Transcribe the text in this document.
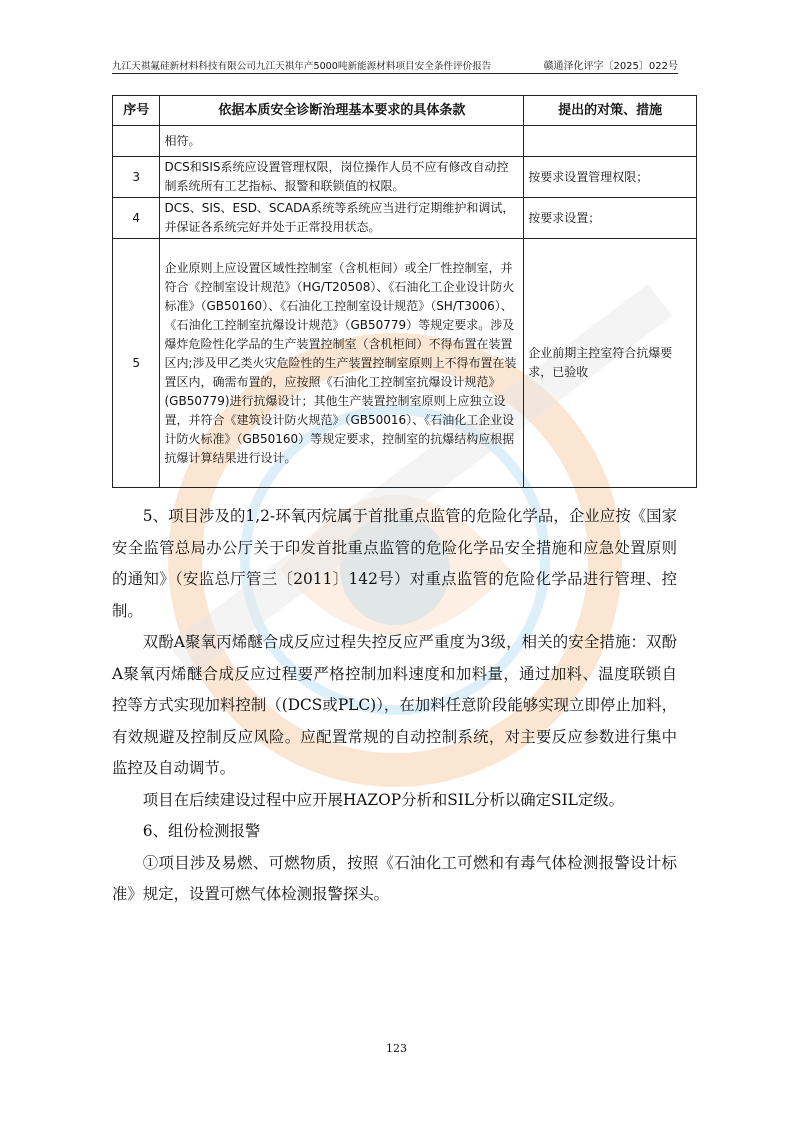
九江天祺氟硅新材料科技有限公司九江天祺年产5000吨新能源材料项目安全条件评价报告	赣通泽化评字〔2025〕022号
序号	依据本质安全诊断治理基本要求的具体条款	提出的对策、措施
	相符。	
3	DCS和SIS系统应设置管理权限，岗位操作人员不应有修改自动控制系统所有工艺指标、报警和联锁值的权限。	按要求设置管理权限；
4	DCS、SIS、ESD、SCADA系统等系统应当进行定期维护和调试，并保证各系统完好并处于正常投用状态。	按要求设置；
5	企业原则上应设置区域性控制室（含机柜间）或全厂性控制室，并符合《控制室设计规范》（HG/T20508）、《石油化工企业设计防火标准》（GB50160）、《石油化工控制室设计规范》（SH/T3006）、《石油化工控制室抗爆设计规范》（GB50779）等规定要求。涉及爆炸危险性化学品的生产装置控制室（含机柜间）不得布置在装置区内;涉及甲乙类火灾危险性的生产装置控制室原则上不得布置在装置区内，确需布置的，应按照《石油化工控制室抗爆设计规范》(GB50779)进行抗爆设计；其他生产装置控制室原则上应独立设置，并符合《建筑设计防火规范》（GB50016）、《石油化工企业设计防火标准》（GB50160）等规定要求，控制室的抗爆结构应根据抗爆计算结果进行设计。	企业前期主控室符合抗爆要求，已验收

5、项目涉及的1,2-环氧丙烷属于首批重点监管的危险化学品，企业应按《国家安全监管总局办公厅关于印发首批重点监管的危险化学品安全措施和应急处置原则的通知》（安监总厅管三〔2011〕142号）对重点监管的危险化学品进行管理、控制。

双酚A聚氧丙烯醚合成反应过程失控反应严重度为3级，相关的安全措施：双酚A聚氧丙烯醚合成反应过程要严格控制加料速度和加料量，通过加料、温度联锁自控等方式实现加料控制（(DCS或PLC)），在加料任意阶段能够实现立即停止加料，有效规避及控制反应风险。应配置常规的自动控制系统，对主要反应参数进行集中监控及自动调节。

项目在后续建设过程中应开展HAZOP分析和SIL分析以确定SIL定级。

6、组份检测报警

①项目涉及易燃、可燃物质，按照《石油化工可燃和有毒气体检测报警设计标准》规定，设置可燃气体检测报警探头。

123
